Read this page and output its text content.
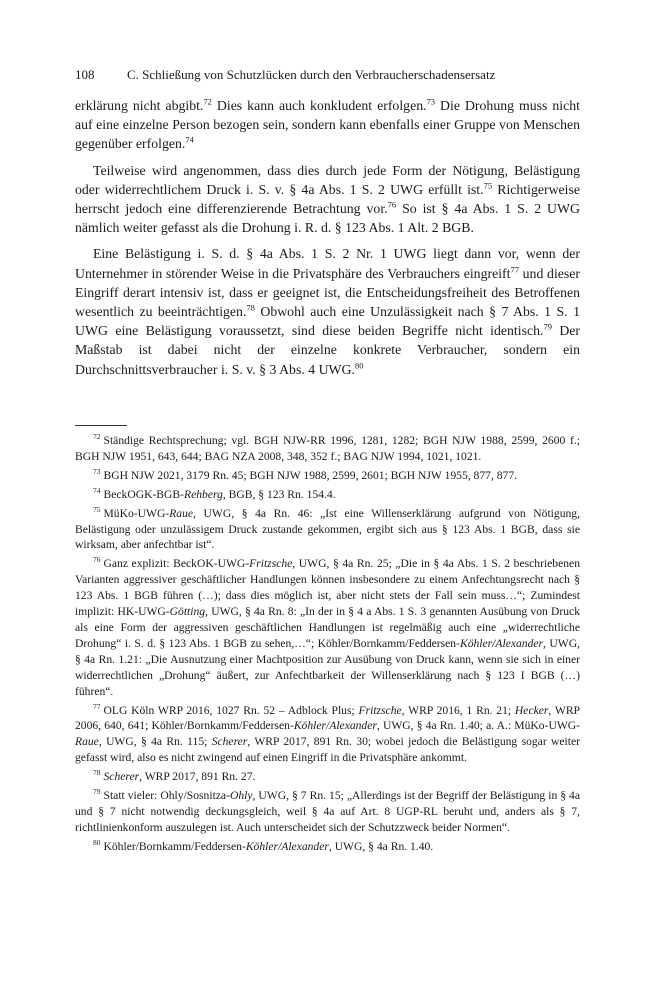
108	C. Schließung von Schutzlücken durch den Verbraucherschadensersatz

erklärung nicht abgibt.$^{72}$ Dies kann auch konkludent erfolgen.$^{73}$ Die Drohung muss nicht auf eine einzelne Person bezogen sein, sondern kann ebenfalls einer Gruppe von Menschen gegenüber erfolgen.$^{74}$

Teilweise wird angenommen, dass dies durch jede Form der Nötigung, Belästigung oder widerrechtlichem Druck i. S. v. § 4a Abs. 1 S. 2 UWG erfüllt ist.$^{75}$ Richtigerweise herrscht jedoch eine differenzierende Betrachtung vor.$^{76}$ So ist § 4a Abs. 1 S. 2 UWG nämlich weiter gefasst als die Drohung i. R. d. § 123 Abs. 1 Alt. 2 BGB.

Eine Belästigung i. S. d. § 4a Abs. 1 S. 2 Nr. 1 UWG liegt dann vor, wenn der Unternehmer in störender Weise in die Privatsphäre des Verbrauchers eingreift$^{77}$ und dieser Eingriff derart intensiv ist, dass er geeignet ist, die Entscheidungsfreiheit des Betroffenen wesentlich zu beeinträchtigen.$^{78}$ Obwohl auch eine Unzulässigkeit nach § 7 Abs. 1 S. 1 UWG eine Belästigung voraussetzt, sind diese beiden Begriffe nicht identisch.$^{79}$ Der Maßstab ist dabei nicht der einzelne konkrete Verbraucher, sondern ein Durchschnittsverbraucher i. S. v. § 3 Abs. 4 UWG.$^{80}$

$^{72}$ Ständige Rechtsprechung; vgl. BGH NJW-RR 1996, 1281, 1282; BGH NJW 1988, 2599, 2600 f.; BGH NJW 1951, 643, 644; BAG NZA 2008, 348, 352 f.; BAG NJW 1994, 1021, 1021.
$^{73}$ BGH NJW 2021, 3179 Rn. 45; BGH NJW 1988, 2599, 2601; BGH NJW 1955, 877, 877.
$^{74}$ BeckOGK-BGB-Rehberg, BGB, § 123 Rn. 154.4.
$^{75}$ MüKo-UWG-Raue, UWG, § 4a Rn. 46: „Ist eine Willenserklärung aufgrund von Nötigung, Belästigung oder unzulässigem Druck zustande gekommen, ergibt sich aus § 123 Abs. 1 BGB, dass sie wirksam, aber anfechtbar ist“.
$^{76}$ Ganz explizit: BeckOK-UWG-Fritzsche, UWG, § 4a Rn. 25; „Die in § 4a Abs. 1 S. 2 beschriebenen Varianten aggressiver geschäftlicher Handlungen können insbesondere zu einem Anfechtungsrecht nach § 123 Abs. 1 BGB führen (…); dass dies möglich ist, aber nicht stets der Fall sein muss…“; Zumindest implizit: HK-UWG-Götting, UWG, § 4a Rn. 8: „In der in § 4 a Abs. 1 S. 3 genannten Ausübung von Druck als eine Form der aggressiven geschäftlichen Handlungen ist regelmäßig auch eine „widerrechtliche Drohung“ i. S. d. § 123 Abs. 1 BGB zu sehen,…“; Köhler/Bornkamm/Feddersen-Köhler/Alexander, UWG, § 4a Rn. 1.21: „Die Ausnutzung einer Machtposition zur Ausübung von Druck kann, wenn sie sich in einer widerrechtlichen „Drohung“ äußert, zur Anfechtbarkeit der Willenserklärung nach § 123 I BGB (…) führen“.
$^{77}$ OLG Köln WRP 2016, 1027 Rn. 52 – Adblock Plus; Fritzsche, WRP 2016, 1 Rn. 21; Hecker, WRP 2006, 640, 641; Köhler/Bornkamm/Feddersen-Köhler/Alexander, UWG, § 4a Rn. 1.40; a. A.: MüKo-UWG-Raue, UWG, § 4a Rn. 115; Scherer, WRP 2017, 891 Rn. 30; wobei jedoch die Belästigung sogar weiter gefasst wird, also es nicht zwingend auf einen Eingriff in die Privatsphäre ankommt.
$^{78}$ Scherer, WRP 2017, 891 Rn. 27.
$^{79}$ Statt vieler: Ohly/Sosnitza-Ohly, UWG, § 7 Rn. 15; „Allerdings ist der Begriff der Belästigung in § 4a und § 7 nicht notwendig deckungsgleich, weil § 4a auf Art. 8 UGP-RL beruht und, anders als § 7, richtlinienkonform auszulegen ist. Auch unterscheidet sich der Schutzzweck beider Normen“.
$^{80}$ Köhler/Bornkamm/Feddersen-Köhler/Alexander, UWG, § 4a Rn. 1.40.
